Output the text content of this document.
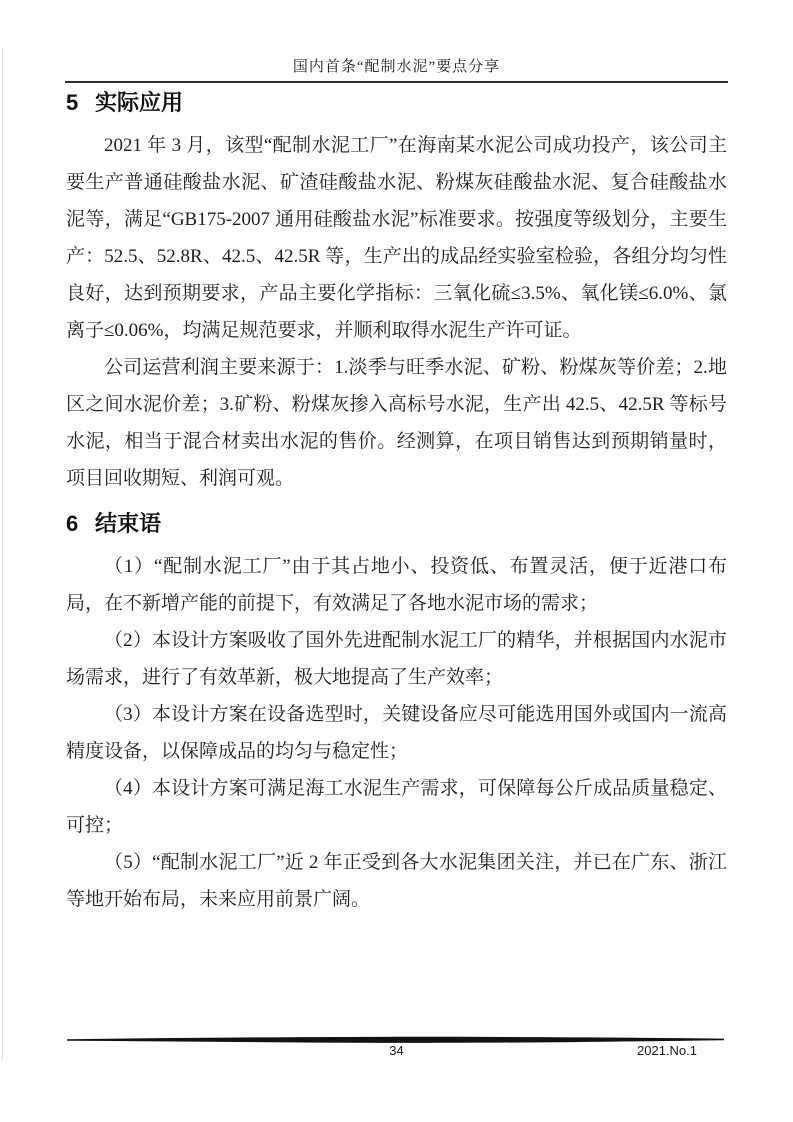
国内首条“配制水泥”要点分享
5 实际应用

2021 年 3 月，该型“配制水泥工厂”在海南某水泥公司成功投产，该公司主要生产普通硅酸盐水泥、矿渣硅酸盐水泥、粉煤灰硅酸盐水泥、复合硅酸盐水泥等，满足“GB175-2007 通用硅酸盐水泥”标准要求。按强度等级划分，主要生产：52.5、52.8R、42.5、42.5R 等，生产出的成品经实验室检验，各组分均匀性良好，达到预期要求，产品主要化学指标：三氧化硫≤3.5%、氧化镁≤6.0%、氯离子≤0.06%，均满足规范要求，并顺利取得水泥生产许可证。

公司运营利润主要来源于：1.淡季与旺季水泥、矿粉、粉煤灰等价差；2.地区之间水泥价差；3.矿粉、粉煤灰掺入高标号水泥，生产出 42.5、42.5R 等标号水泥，相当于混合材卖出水泥的售价。经测算，在项目销售达到预期销量时，项目回收期短、利润可观。

6 结束语

（1）“配制水泥工厂”由于其占地小、投资低、布置灵活，便于近港口布局，在不新增产能的前提下，有效满足了各地水泥市场的需求；

（2）本设计方案吸收了国外先进配制水泥工厂的精华，并根据国内水泥市场需求，进行了有效革新，极大地提高了生产效率；

（3）本设计方案在设备选型时，关键设备应尽可能选用国外或国内一流高精度设备，以保障成品的均匀与稳定性；

（4）本设计方案可满足海工水泥生产需求，可保障每公斤成品质量稳定、可控；

（5）“配制水泥工厂”近 2 年正受到各大水泥集团关注，并已在广东、浙江等地开始布局，未来应用前景广阔。

34	2021.No.1
